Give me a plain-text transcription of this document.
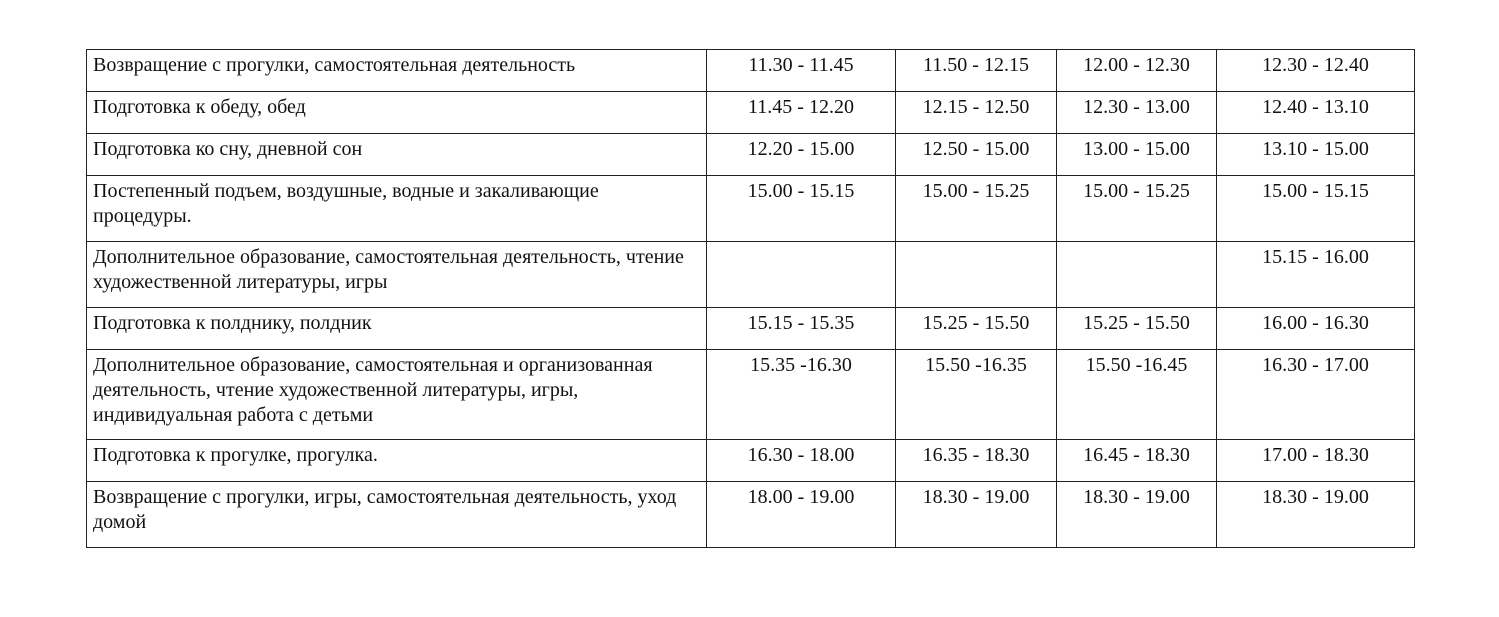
Возвращение с прогулки, самостоятельная деятельность	11.30 - 11.45	11.50 - 12.15	12.00 - 12.30	12.30 - 12.40
Подготовка к обеду, обед	11.45 - 12.20	12.15 - 12.50	12.30 - 13.00	12.40 - 13.10
Подготовка ко сну, дневной сон	12.20 - 15.00	12.50 - 15.00	13.00 - 15.00	13.10 - 15.00
Постепенный подъем, воздушные, водные и закаливающие процедуры.	15.00 - 15.15	15.00 - 15.25	15.00 - 15.25	15.00 - 15.15
Дополнительное образование, самостоятельная деятельность, чтение художественной литературы, игры				15.15 - 16.00
Подготовка к полднику, полдник	15.15 - 15.35	15.25 - 15.50	15.25 - 15.50	16.00 - 16.30
Дополнительное образование, самостоятельная и организованная деятельность, чтение художественной литературы, игры, индивидуальная работа с детьми	15.35 -16.30	15.50 -16.35	15.50 -16.45	16.30 - 17.00
Подготовка к прогулке, прогулка.	16.30 - 18.00	16.35 - 18.30	16.45 - 18.30	17.00 - 18.30
Возвращение с прогулки, игры, самостоятельная деятельность, уход домой	18.00 - 19.00	18.30 - 19.00	18.30 - 19.00	18.30 - 19.00
